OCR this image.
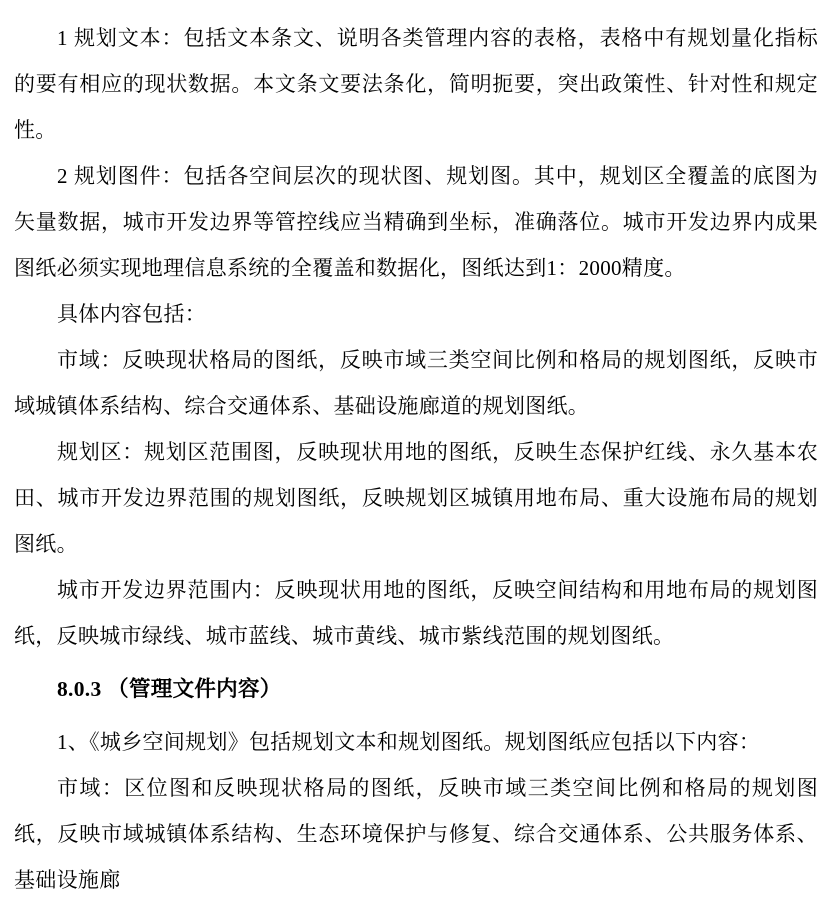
1 规划文本：包括文本条文、说明各类管理内容的表格，表格中有规划量化指标的要有相应的现状数据。本文条文要法条化，简明扼要，突出政策性、针对性和规定性。

2 规划图件：包括各空间层次的现状图、规划图。其中，规划区全覆盖的底图为矢量数据，城市开发边界等管控线应当精确到坐标，准确落位。城市开发边界内成果图纸必须实现地理信息系统的全覆盖和数据化，图纸达到1：2000精度。

具体内容包括：

市域：反映现状格局的图纸，反映市域三类空间比例和格局的规划图纸，反映市域城镇体系结构、综合交通体系、基础设施廊道的规划图纸。

规划区：规划区范围图，反映现状用地的图纸，反映生态保护红线、永久基本农田、城市开发边界范围的规划图纸，反映规划区城镇用地布局、重大设施布局的规划图纸。

城市开发边界范围内：反映现状用地的图纸，反映空间结构和用地布局的规划图纸，反映城市绿线、城市蓝线、城市黄线、城市紫线范围的规划图纸。

8.0.3 （管理文件内容）

1、《城乡空间规划》包括规划文本和规划图纸。规划图纸应包括以下内容：

市域：区位图和反映现状格局的图纸，反映市域三类空间比例和格局的规划图纸，反映市域城镇体系结构、生态环境保护与修复、综合交通体系、公共服务体系、基础设施廊
